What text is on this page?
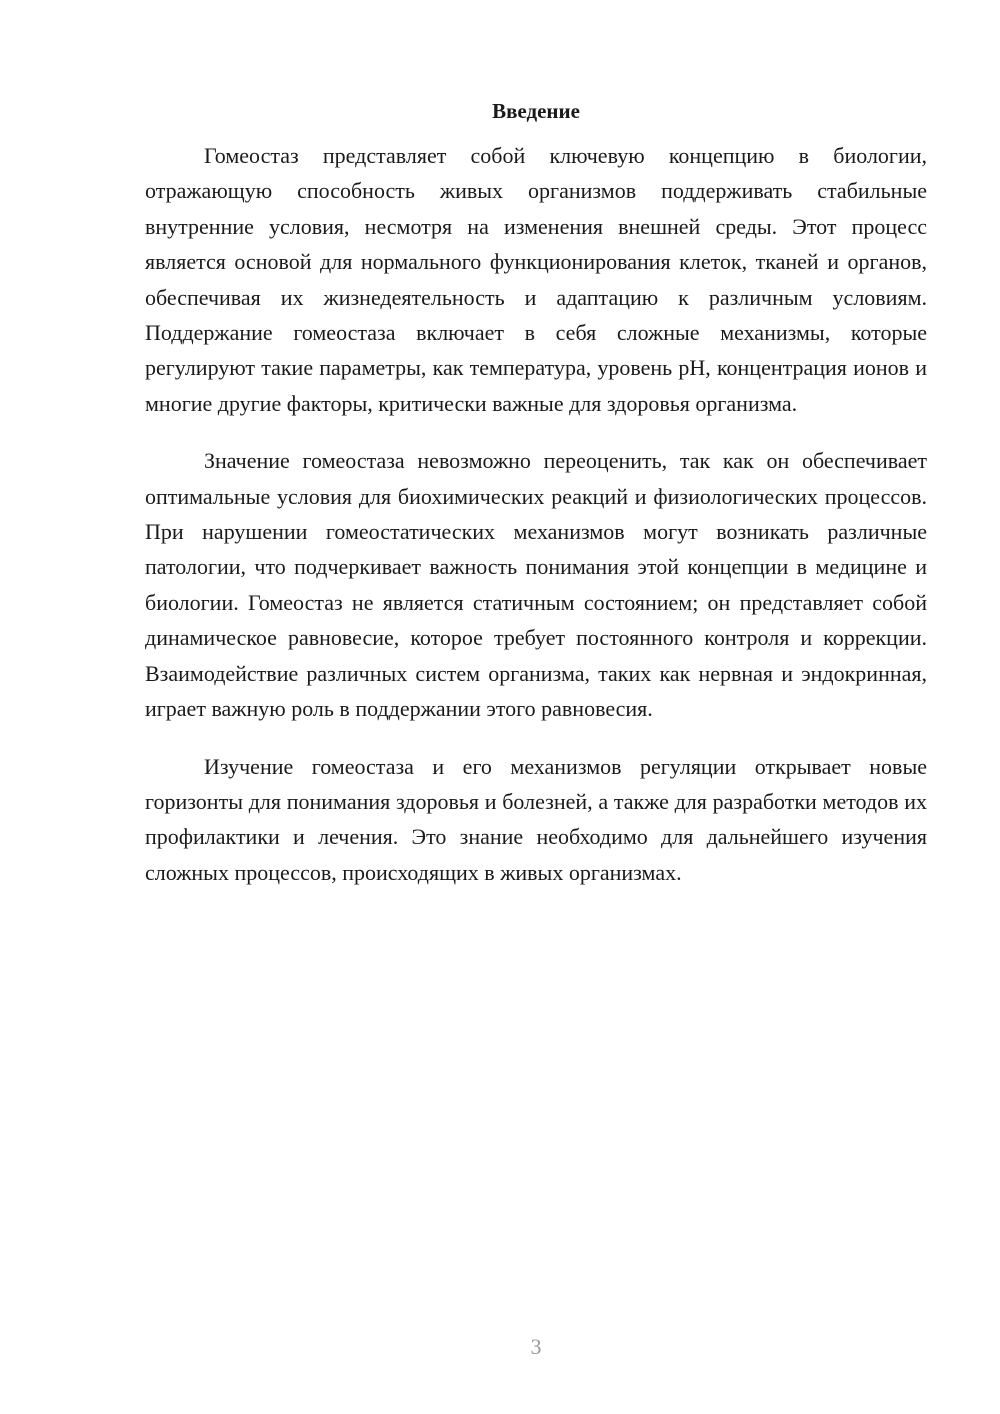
Введение

Гомеостаз представляет собой ключевую концепцию в биологии, отражающую способность живых организмов поддерживать стабильные внутренние условия, несмотря на изменения внешней среды. Этот процесс является основой для нормального функционирования клеток, тканей и органов, обеспечивая их жизнедеятельность и адаптацию к различным условиям. Поддержание гомеостаза включает в себя сложные механизмы, которые регулируют такие параметры, как температура, уровень pH, концентрация ионов и многие другие факторы, критически важные для здоровья организма.

Значение гомеостаза невозможно переоценить, так как он обеспечивает оптимальные условия для биохимических реакций и физиологических процессов. При нарушении гомеостатических механизмов могут возникать различные патологии, что подчеркивает важность понимания этой концепции в медицине и биологии. Гомеостаз не является статичным состоянием; он представляет собой динамическое равновесие, которое требует постоянного контроля и коррекции. Взаимодействие различных систем организма, таких как нервная и эндокринная, играет важную роль в поддержании этого равновесия.

Изучение гомеостаза и его механизмов регуляции открывает новые горизонты для понимания здоровья и болезней, а также для разработки методов их профилактики и лечения. Это знание необходимо для дальнейшего изучения сложных процессов, происходящих в живых организмах.

3
